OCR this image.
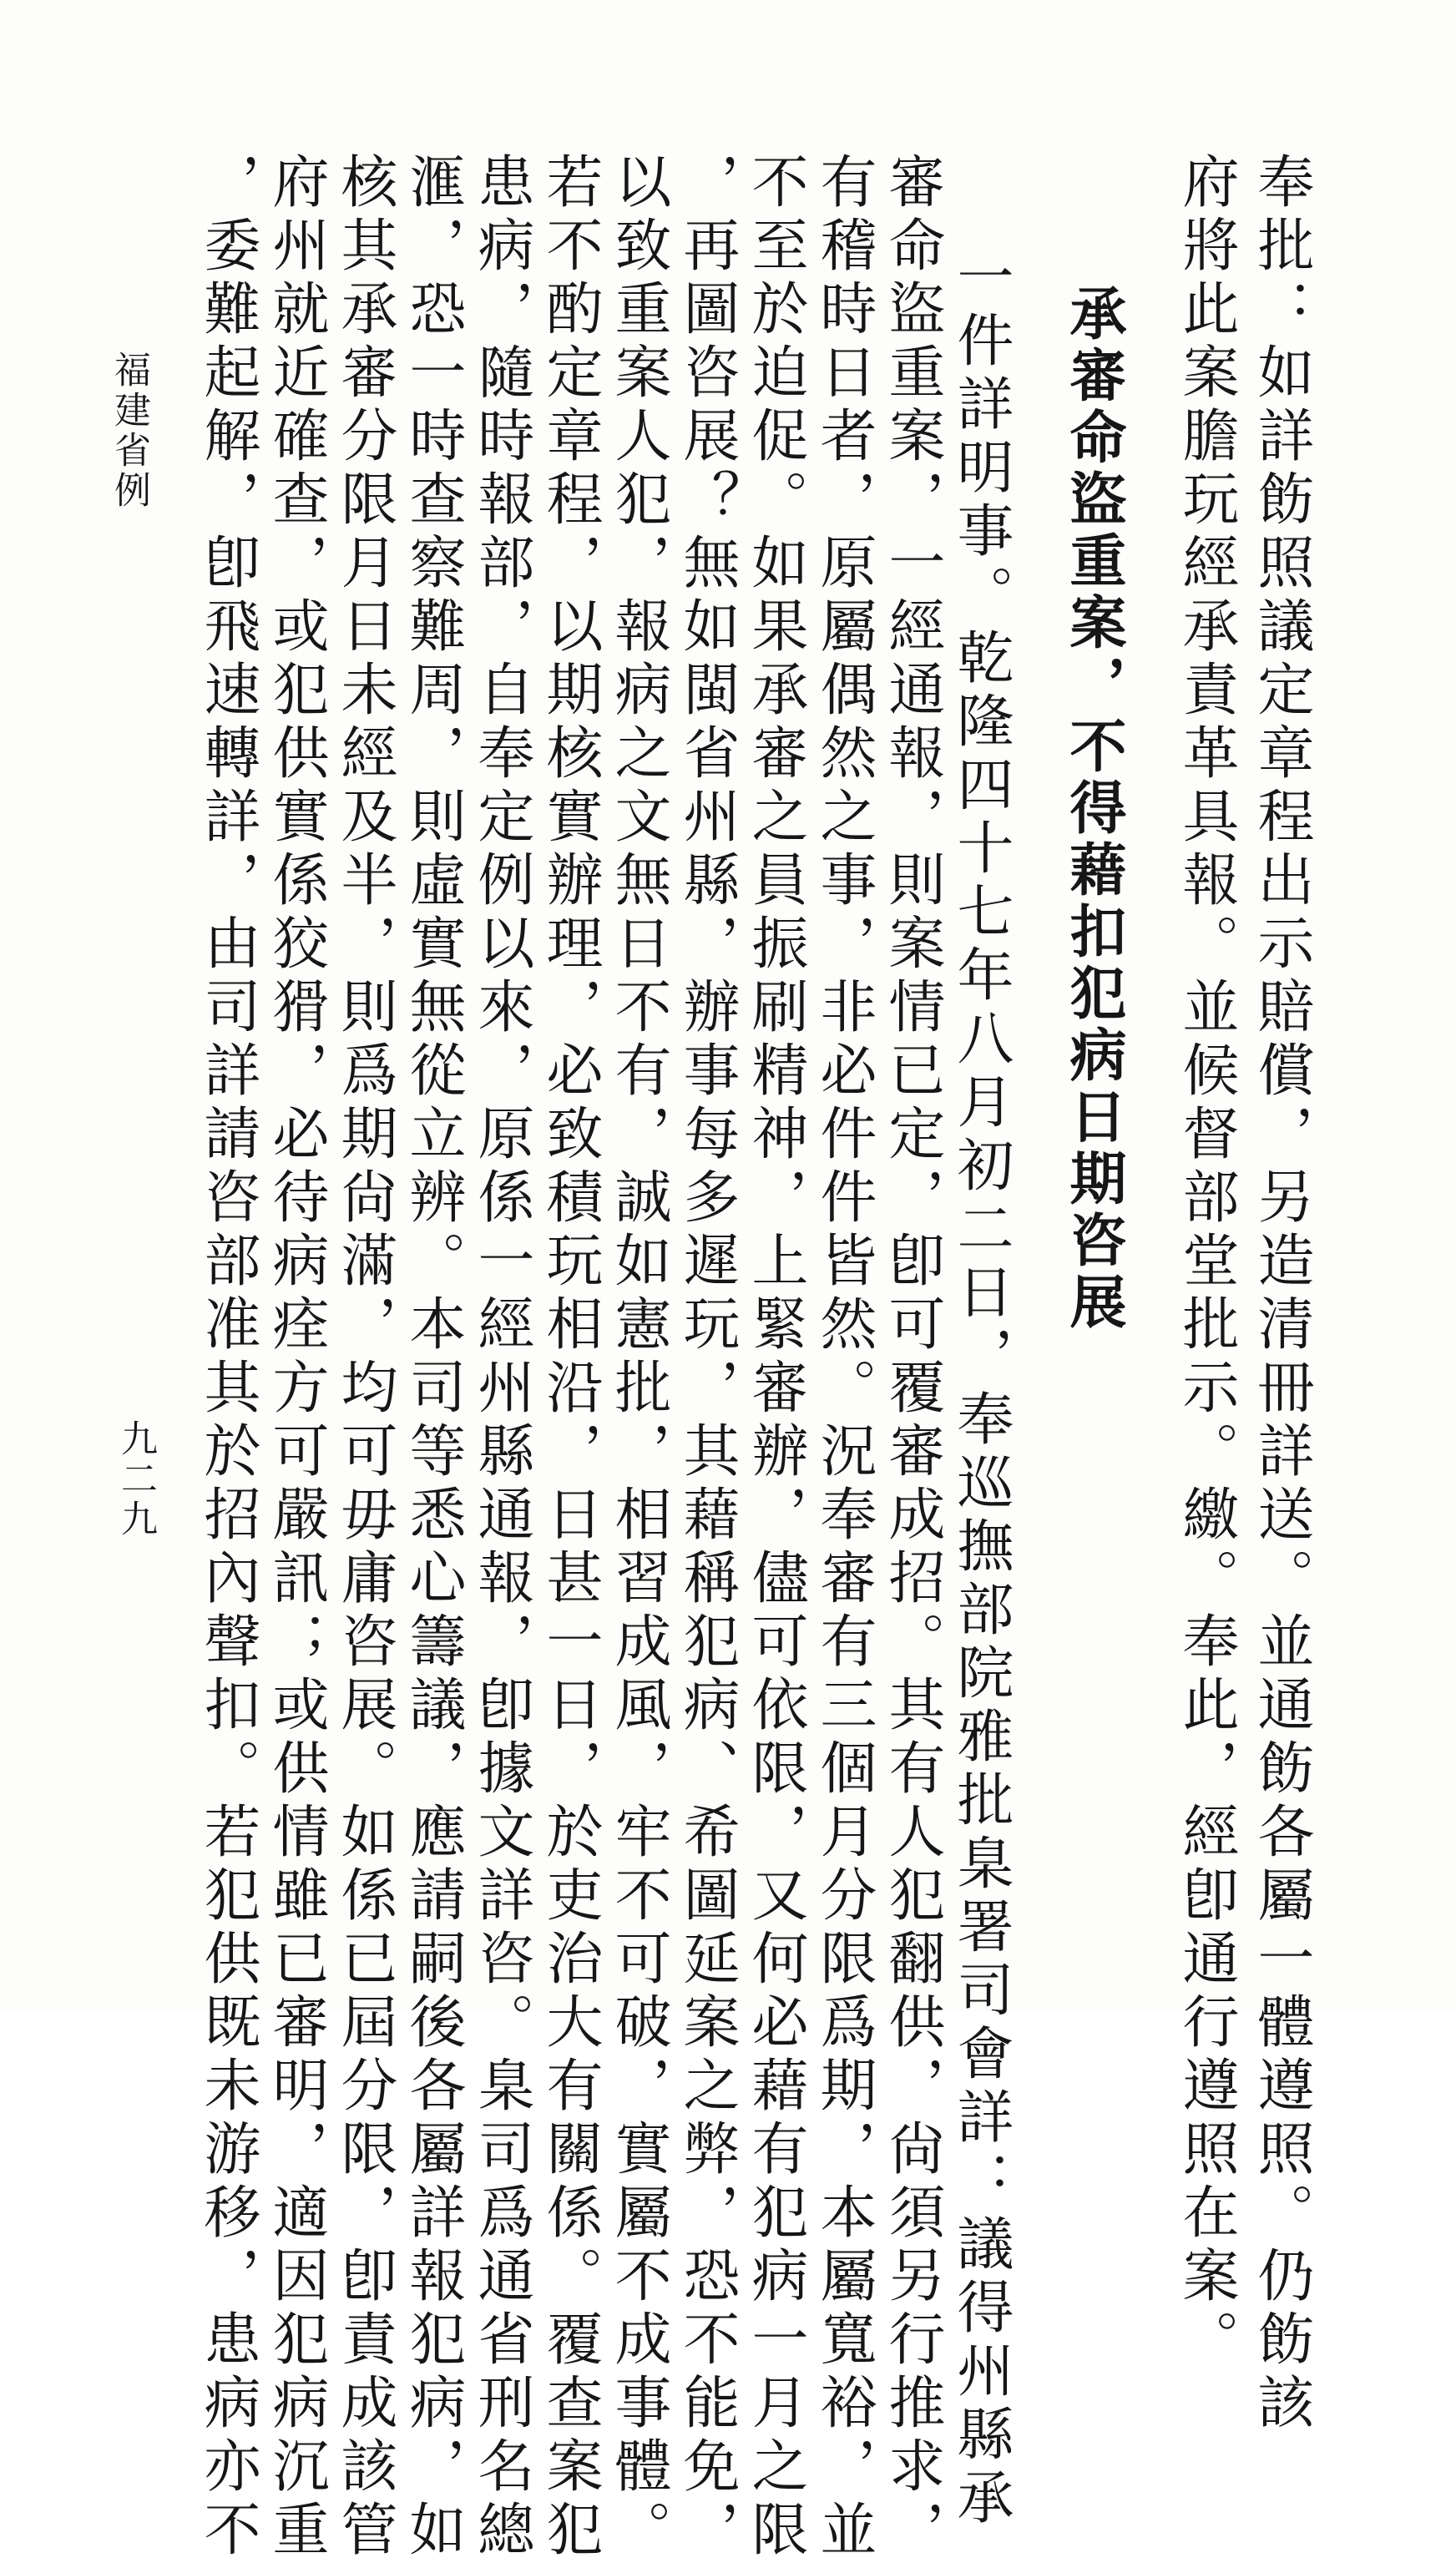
奉批：如詳飭照議定章程出示賠償，另造清冊詳送。並通飭各屬一體遵照。仍飭該
府將此案膽玩經承責革具報。並候督部堂批示。繳。奉此，經卽通行遵照在案。
承審命盜重案，不得藉扣犯病日期咨展
一件詳明事。乾隆四十七年八月初二日，奉巡撫部院雅批臬署司會詳：議得州縣承
審命盜重案，一經通報，則案情已定，卽可覆審成招。其有人犯翻供，尙須另行推求，
有稽時日者，原屬偶然之事，非必件件皆然。況奉審有三個月分限爲期，本屬寬裕，並
不至於迫促。如果承審之員振刷精神，上緊審辦，儘可依限，又何必藉有犯病一月之限
，再圖咨展？無如閩省州縣，辦事每多遲玩，其藉稱犯病、希圖延案之弊，恐不能免，
以致重案人犯，報病之文無日不有，誠如憲批，相習成風，牢不可破，實屬不成事體。
若不酌定章程，以期核實辦理，必致積玩相沿，日甚一日，於吏治大有關係。覆查案犯
患病，隨時報部，自奉定例以來，原係一經州縣通報，卽據文詳咨。臬司爲通省刑名總
滙，恐一時查察難周，則虛實無從立辨。本司等悉心籌議，應請嗣後各屬詳報犯病，如
核其承審分限月日未經及半，則爲期尙滿，均可毋庸咨展。如係已屆分限，卽責成該管
府州就近確查，或犯供實係狡猾，必待病痊方可嚴訊；或供情雖已審明，適因犯病沉重
，委難起解，卽飛速轉詳，由司詳請咨部准其於招內聲扣。若犯供既未游移，患病亦不
福建省例
九二九
